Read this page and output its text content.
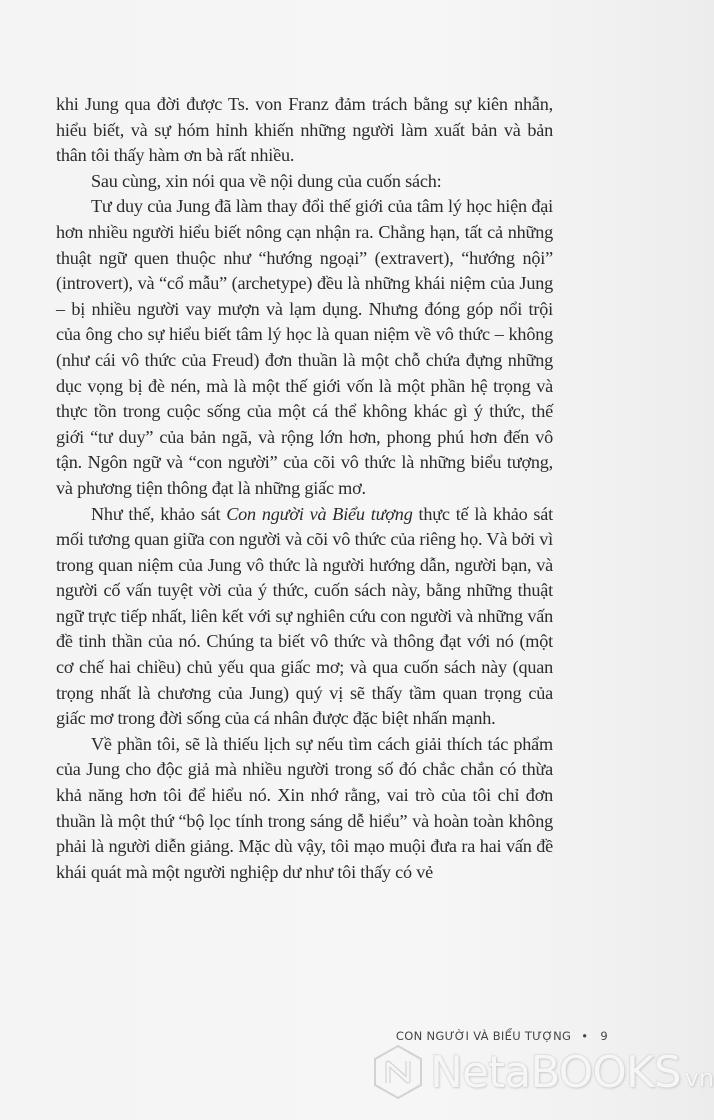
khi Jung qua đời được Ts. von Franz đảm trách bằng sự kiên nhẫn, hiểu biết, và sự hóm hỉnh khiến những người làm xuất bản và bản thân tôi thấy hàm ơn bà rất nhiều.

Sau cùng, xin nói qua về nội dung của cuốn sách:

Tư duy của Jung đã làm thay đổi thế giới của tâm lý học hiện đại hơn nhiều người hiểu biết nông cạn nhận ra. Chẳng hạn, tất cả những thuật ngữ quen thuộc như “hướng ngoại” (extravert), “hướng nội” (introvert), và “cổ mẫu” (archetype) đều là những khái niệm của Jung – bị nhiều người vay mượn và lạm dụng. Nhưng đóng góp nổi trội của ông cho sự hiểu biết tâm lý học là quan niệm về vô thức – không (như cái vô thức của Freud) đơn thuần là một chỗ chứa đựng những dục vọng bị đè nén, mà là một thế giới vốn là một phần hệ trọng và thực tồn trong cuộc sống của một cá thể không khác gì ý thức, thế giới “tư duy” của bản ngã, và rộng lớn hơn, phong phú hơn đến vô tận. Ngôn ngữ và “con người” của cõi vô thức là những biểu tượng, và phương tiện thông đạt là những giấc mơ.

Như thế, khảo sát Con người và Biểu tượng thực tế là khảo sát mối tương quan giữa con người và cõi vô thức của riêng họ. Và bởi vì trong quan niệm của Jung vô thức là người hướng dẫn, người bạn, và người cố vấn tuyệt vời của ý thức, cuốn sách này, bằng những thuật ngữ trực tiếp nhất, liên kết với sự nghiên cứu con người và những vấn đề tinh thần của nó. Chúng ta biết vô thức và thông đạt với nó (một cơ chế hai chiều) chủ yếu qua giấc mơ; và qua cuốn sách này (quan trọng nhất là chương của Jung) quý vị sẽ thấy tầm quan trọng của giấc mơ trong đời sống của cá nhân được đặc biệt nhấn mạnh.

Về phần tôi, sẽ là thiếu lịch sự nếu tìm cách giải thích tác phẩm của Jung cho độc giả mà nhiều người trong số đó chắc chắn có thừa khả năng hơn tôi để hiểu nó. Xin nhớ rằng, vai trò của tôi chỉ đơn thuần là một thứ “bộ lọc tính trong sáng dễ hiểu” và hoàn toàn không phải là người diễn giảng. Mặc dù vậy, tôi mạo muội đưa ra hai vấn đề khái quát mà một người nghiệp dư như tôi thấy có vẻ

CON NGƯỜI VÀ BIỂU TƯỢNG • 9
NetaBOOKS vn
